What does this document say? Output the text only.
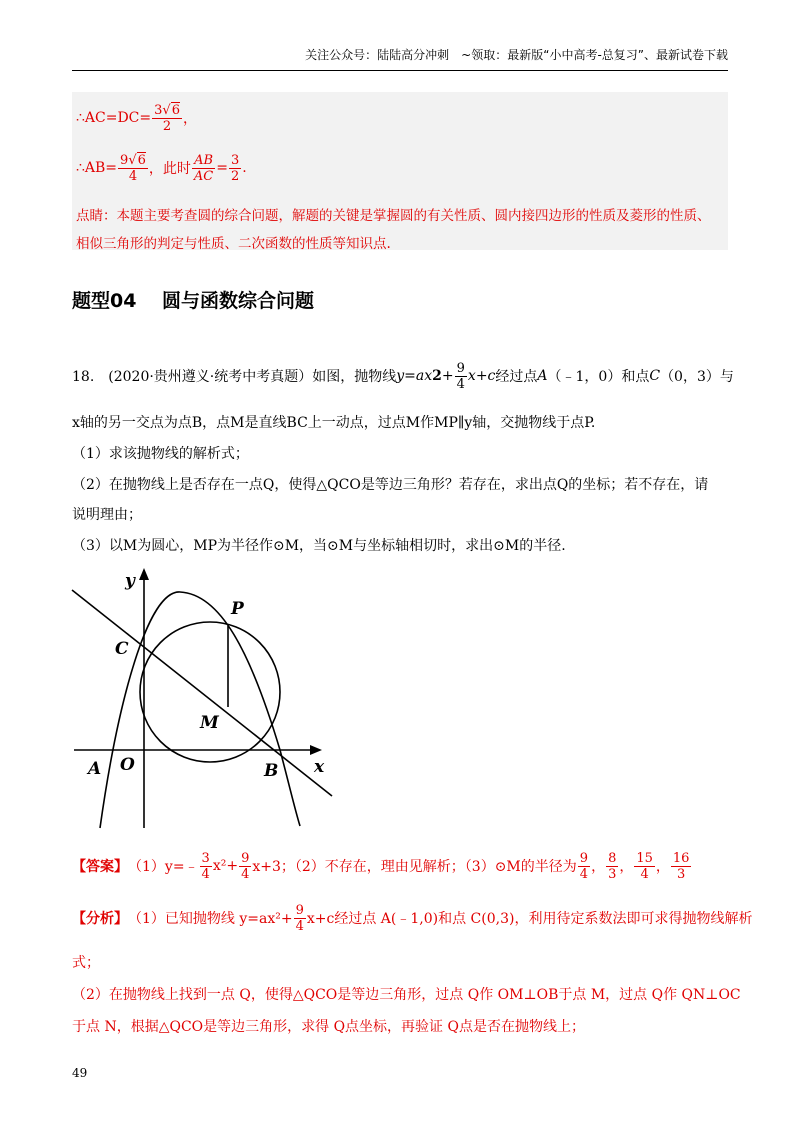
关注公众号：陆陆高分冲刺　~领取：最新版“小中高考-总复习”、最新试卷下载
∴AC=DC= $\frac{3√6}{2}$ ，
∴AB= $\frac{9√6}{4}$ ，此时 $\frac{AB}{AC} = \frac{3}{2}$ .
点睛：本题主要考查圆的综合问题，解题的关键是掌握圆的有关性质、圆内接四边形的性质及菱形的性质、
相似三角形的判定与性质、二次函数的性质等知识点.
题型04　 圆与函数综合问题
18.　(2020·贵州遵义·统考中考真题）如图，抛物线 y=ax $2 + \frac{9}{4} x+c$ 经过点 A （﹣1，0）和点 C （0，3）与
x轴的另一交点为点B，点M是直线BC上一动点，过点M作MP∥y轴，交抛物线于点P.
（1）求该抛物线的解析式；
（2）在抛物线上是否存在一点Q，使得△QCO是等边三角形？若存在，求出点Q的坐标；若不存在，请
说明理由；
（3）以M为圆心，MP为半径作⊙M，当⊙M与坐标轴相切时，求出⊙M的半径.
y
P
C
M
A O	B x
【答案】 （1）y=﹣ $\frac{3}{4} x^2+ \frac{9}{4} x+3$；（2）不存在，理由见解析；（3）⊙M的半径为 $\frac{9}{4}$ ， $\frac{8}{3}$ ， $\frac{15}{4}$ ， $\frac{16}{3}$
【分析】 （1）已知抛物线 $y=ax^2+ \frac{9}{4} x+c$经过点 A(﹣1,0)和点 C(0,3)，利用待定系数法即可求得抛物线解析
式；
（2）在抛物线上找到一点 Q，使得△QCO是等边三角形，过点 Q作 OM⊥OB于点 M，过点 Q作 QN⊥OC
于点 N，根据△QCO是等边三角形，求得 Q点坐标，再验证 Q点是否在抛物线上；
49
